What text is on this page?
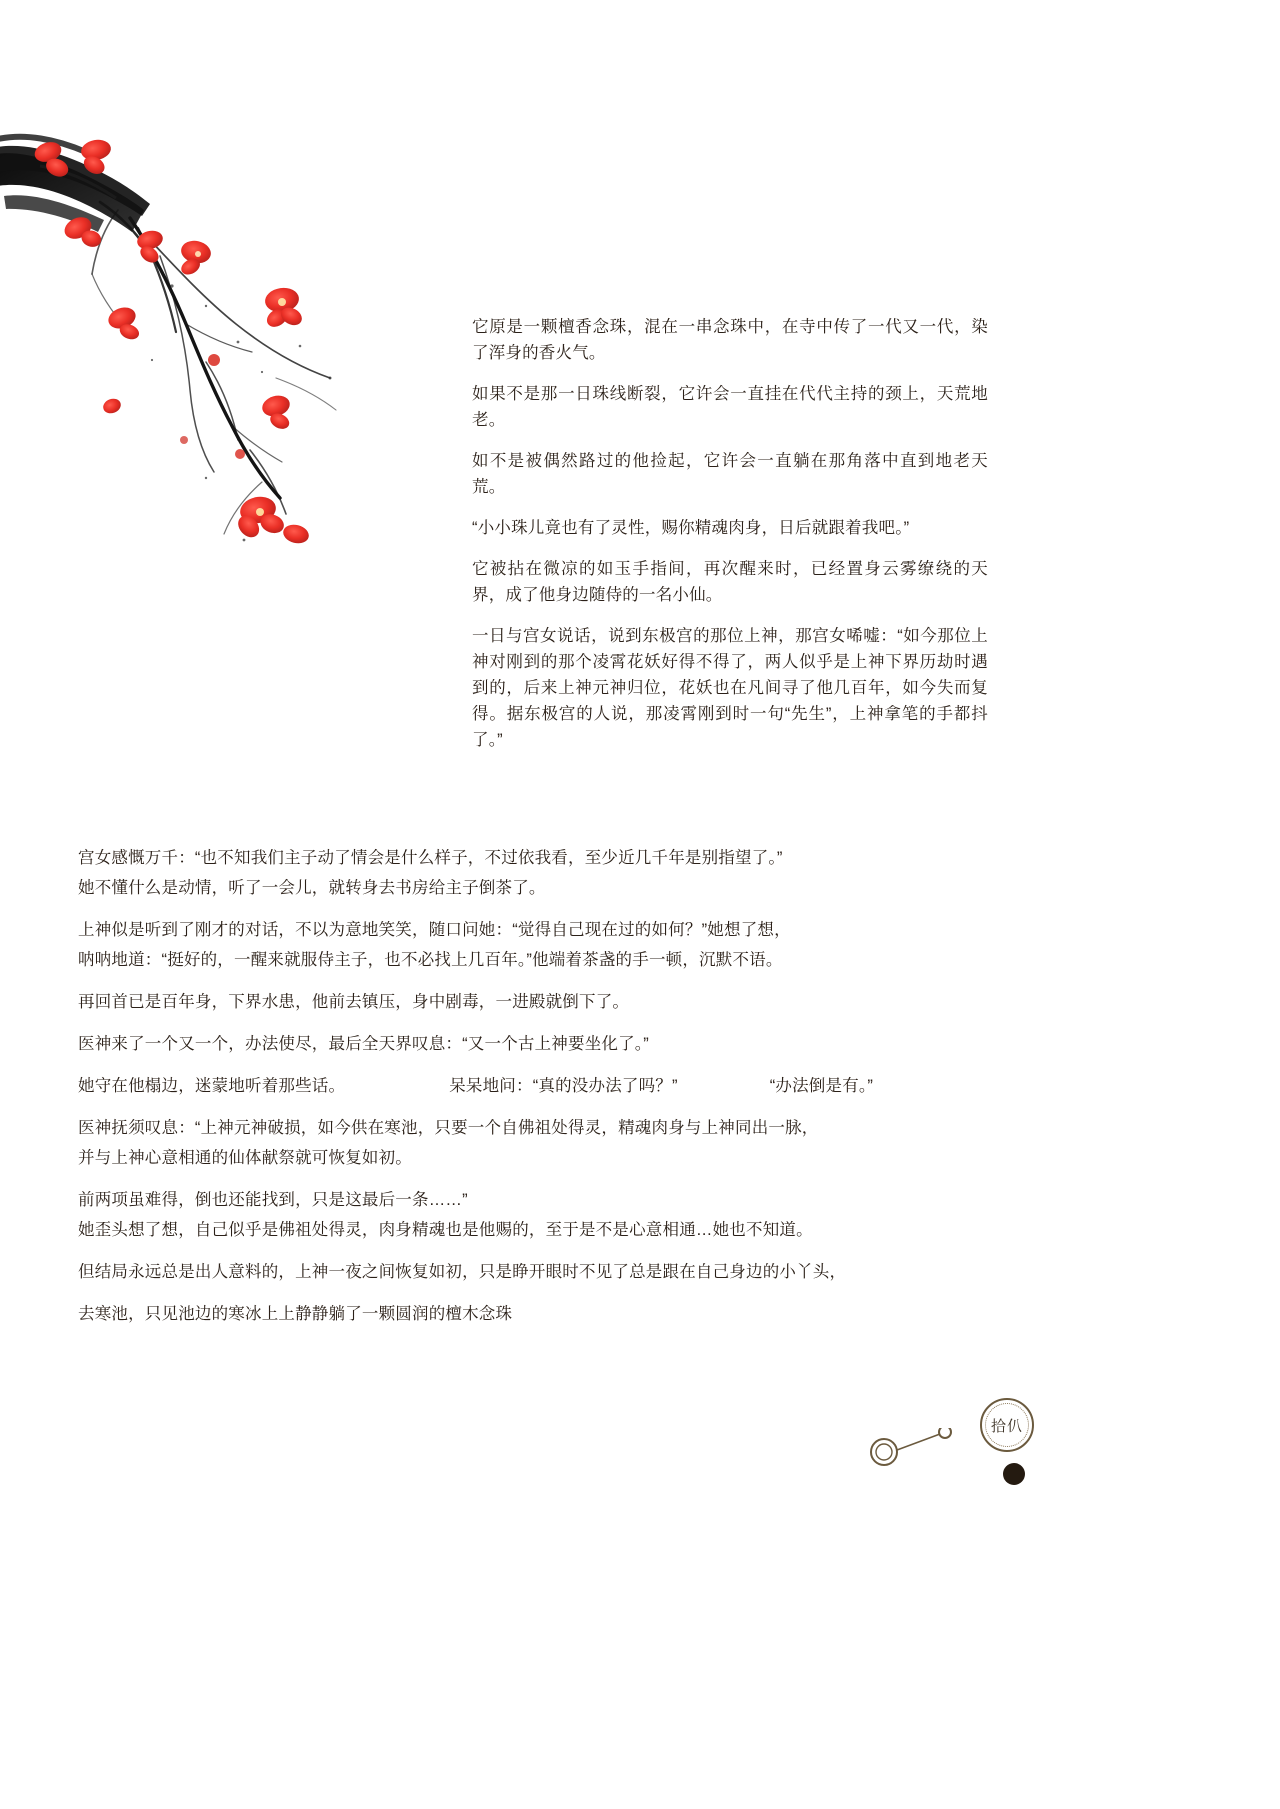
它原是一颗檀香念珠，混在一串念珠中，在寺中传了一代又一代，染了浑身的香火气。

如果不是那一日珠线断裂，它许会一直挂在代代主持的颈上，天荒地老。

如不是被偶然路过的他捡起，它许会一直躺在那角落中直到地老天荒。

“小小珠儿竟也有了灵性，赐你精魂肉身，日后就跟着我吧。”

它被拈在微凉的如玉手指间，再次醒来时，已经置身云雾缭绕的天界，成了他身边随侍的一名小仙。

一日与宫女说话，说到东极宫的那位上神，那宫女唏嘘：“如今那位上神对刚到的那个凌霄花妖好得不得了，两人似乎是上神下界历劫时遇到的，后来上神元神归位，花妖也在凡间寻了他几百年，如今失而复得。据东极宫的人说，那凌霄刚到时一句“先生”，上神拿笔的手都抖了。”

宫女感慨万千：“也不知我们主子动了情会是什么样子，不过依我看，至少近几千年是别指望了。”

她不懂什么是动情，听了一会儿，就转身去书房给主子倒茶了。

上神似是听到了刚才的对话，不以为意地笑笑，随口问她：“觉得自己现在过的如何？”她想了想，

呐呐地道：“挺好的，一醒来就服侍主子，也不必找上几百年。”他端着茶盏的手一顿，沉默不语。

再回首已是百年身，下界水患，他前去镇压，身中剧毒，一进殿就倒下了。

医神来了一个又一个，办法使尽，最后全天界叹息：“又一个古上神要坐化了。”

她守在他榻边，迷蒙地听着那些话。	呆呆地问：“真的没办法了吗？”	“办法倒是有。”

医神抚须叹息：“上神元神破损，如今供在寒池，只要一个自佛祖处得灵，精魂肉身与上神同出一脉，

并与上神心意相通的仙体献祭就可恢复如初。

前两项虽难得，倒也还能找到，只是这最后一条……”

她歪头想了想，自己似乎是佛祖处得灵，肉身精魂也是他赐的，至于是不是心意相通…她也不知道。

但结局永远总是出人意料的，上神一夜之间恢复如初，只是睁开眼时不见了总是跟在自己身边的小丫头，

去寒池，只见池边的寒冰上上静静躺了一颗圆润的檀木念珠

拾仈
